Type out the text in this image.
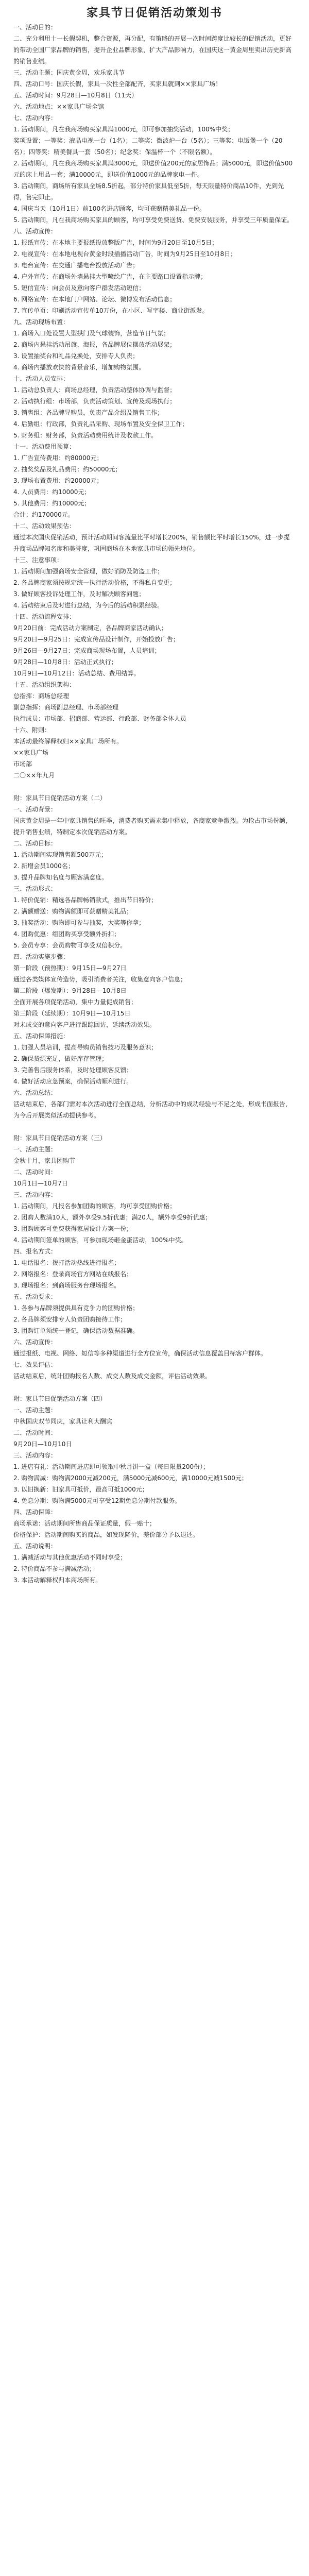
家具节日促销活动策划书

一、活动目的：

二、充分利用十一长假契机，整合资源，再分配，有策略的开展一次时间跨度比较长的促销活动，更好的带动全国厂家品牌的销售，提升企业品牌形象，扩大产品影响力，在国庆这一黄金周里卖出历史新高的销售业绩。

三、活动主题：国庆黄金周，欢乐家具节

四、活动口号：国庆长假，家具一次性全部配齐，买家具就到××家具广场！

五、活动时间：9月28日—10月8日（11天）

六、活动地点：××家具广场全馆

七、活动内容：

1. 活动期间，凡在我商场购买家具满1000元，即可参加抽奖活动，100%中奖；

奖项设置：一等奖：液晶电视一台（1名）；二等奖：微波炉一台（5名）；三等奖：电饭煲一个（20名）；四等奖：精美餐具一套（50名）；纪念奖：保温杯一个（不限名额）。

2. 活动期间，凡在我商场购买家具满3000元，即送价值200元的家居饰品；满5000元，即送价值500元的床上用品一套；满10000元，即送价值1000元的品牌家电一件。

3. 活动期间，商场所有家具全场8.5折起，部分特价家具低至5折，每天限量特价商品10件，先到先得，售完即止。

4. 国庆当天（10月1日）前100名进店顾客，均可获赠精美礼品一份。

5. 活动期间，凡在我商场购买家具的顾客，均可享受免费送货、免费安装服务，并享受三年质量保证。

八、活动宣传：

1. 报纸宣传：在本地主要报纸投放整版广告，时间为9月20日至10月5日；

2. 电视宣传：在本地电视台黄金时段插播活动广告，时间为9月25日至10月8日；

3. 电台宣传：在交通广播电台投放活动广告；

4. 户外宣传：在商场外墙悬挂大型喷绘广告，在主要路口设置指示牌；

5. 短信宣传：向会员及意向客户群发活动短信；

6. 网络宣传：在本地门户网站、论坛、微博发布活动信息；

7. 宣传单页：印刷活动宣传单10万份，在小区、写字楼、商业街派发。

九、活动现场布置：

1. 商场入口处设置大型拱门及气球装饰，营造节日气氛；

2. 商场内悬挂活动吊旗、海报，各品牌展位摆放活动展架；

3. 设置抽奖台和礼品兑换处，安排专人负责；

4. 商场内播放欢快的背景音乐，增加购物氛围。

十、活动人员安排：

1. 活动总负责人：商场总经理，负责活动整体协调与监督；

2. 活动执行组：市场部，负责活动策划、宣传及现场执行；

3. 销售组：各品牌导购员，负责产品介绍及销售工作；

4. 后勤组：行政部，负责礼品采购、现场布置及安全保卫工作；

5. 财务组：财务部，负责活动费用统计及收款工作。

十一、活动费用预算：

1. 广告宣传费用：约80000元；

2. 抽奖奖品及礼品费用：约50000元；

3. 现场布置费用：约20000元；

4. 人员费用：约10000元；

5. 其他费用：约10000元；

合计：约170000元。

十二、活动效果预估：

通过本次国庆促销活动，预计活动期间客流量比平时增长200%，销售额比平时增长150%，进一步提升商场品牌知名度和美誉度，巩固商场在本地家具市场的领先地位。

十三、注意事项：

1. 活动期间加强商场安全管理，做好消防及防盗工作；

2. 各品牌商家须按规定统一执行活动价格，不得私自变更；

3. 做好顾客投诉处理工作，及时解决顾客问题；

4. 活动结束后及时进行总结，为今后的活动积累经验。

十四、活动流程安排：

9月20日前：完成活动方案制定，各品牌商家活动确认；

9月20日—9月25日：完成宣传品设计制作，开始投放广告；

9月26日—9月27日：完成商场现场布置，人员培训；

9月28日—10月8日：活动正式执行；

10月9日—10月12日：活动总结、费用结算。

十五、活动组织架构：

总指挥：商场总经理

副总指挥：商场副总经理、市场部经理

执行成员：市场部、招商部、营运部、行政部、财务部全体人员

十六、附则：

本活动最终解释权归××家具广场所有。

××家具广场

市场部

二〇××年九月

附：家具节日促销活动方案（二）

一、活动背景：

国庆黄金周是一年中家具销售的旺季，消费者购买需求集中释放，各商家竞争激烈。为抢占市场份额，提升销售业绩，特制定本次促销活动方案。

二、活动目标：

1. 活动期间实现销售额500万元；

2. 新增会员1000名；

3. 提升品牌知名度与顾客满意度。

三、活动形式：

1. 特价促销：精选各品牌畅销款式，推出节日特价；

2. 满额赠送：购物满额即可获赠精美礼品；

3. 抽奖活动：购物即可参与抽奖，大奖等你拿；

4. 团购优惠：组团购买享受额外折扣；

5. 会员专享：会员购物可享受双倍积分。

四、活动实施步骤：

第一阶段（预热期）：9月15日—9月27日

通过各类媒体宣传造势，吸引消费者关注，收集意向客户信息；

第二阶段（爆发期）：9月28日—10月8日

全面开展各项促销活动，集中力量促成销售；

第三阶段（延续期）：10月9日—10月15日

对未成交的意向客户进行跟踪回访，延续活动效果。

五、活动保障措施：

1. 加强人员培训，提高导购员销售技巧及服务意识；

2. 确保货源充足，做好库存管理；

3. 完善售后服务体系，及时处理顾客反馈；

4. 做好活动应急预案，确保活动顺利进行。

六、活动总结：

活动结束后，各部门需对本次活动进行全面总结，分析活动中的成功经验与不足之处，形成书面报告，为今后开展类似活动提供参考。

附：家具节日促销活动方案（三）

一、活动主题：

金秋十月，家具团购节

二、活动时间：

10月1日—10月7日

三、活动内容：

1. 活动期间，凡报名参加团购的顾客，均可享受团购价格；

2. 团购人数满10人，额外享受9.5折优惠；满20人，额外享受9折优惠；

3. 团购顾客可免费获得家居设计方案一份；

4. 活动期间签单的顾客，可参加现场砸金蛋活动，100%中奖。

四、报名方式：

1. 电话报名：拨打活动热线进行报名；

2. 网络报名：登录商场官方网站在线报名；

3. 现场报名：到商场服务台现场报名。

五、活动要求：

1. 各参与品牌须提供具有竞争力的团购价格；

2. 各品牌须安排专人负责团购接待工作；

3. 团购订单须统一登记，确保活动数据准确。

六、活动宣传：

通过报纸、电视、网络、短信等多种渠道进行全方位宣传，确保活动信息覆盖目标客户群体。

七、效果评估：

活动结束后，统计团购报名人数、成交人数及成交金额，评估活动效果。

附：家具节日促销活动方案（四）

一、活动主题：

中秋国庆双节同庆，家具让利大酬宾

二、活动时间：

9月20日—10月10日

三、活动内容：

1. 进店有礼：活动期间进店即可领取中秋月饼一盒（每日限量200份）；

2. 购物满减：购物满2000元减200元，满5000元减600元，满10000元减1500元；

3. 以旧换新：旧家具可抵价，最高可抵1000元；

4. 免息分期：购物满5000元可享受12期免息分期付款服务。

四、活动保障：

商场承诺：活动期间所售商品保证质量，假一赔十；

价格保护：活动期间购买的商品，如发现降价，差价部分予以退还。

五、活动说明：

1. 满减活动与其他优惠活动不同时享受；

2. 特价商品不参与满减活动；

3. 本活动解释权归本商场所有。
